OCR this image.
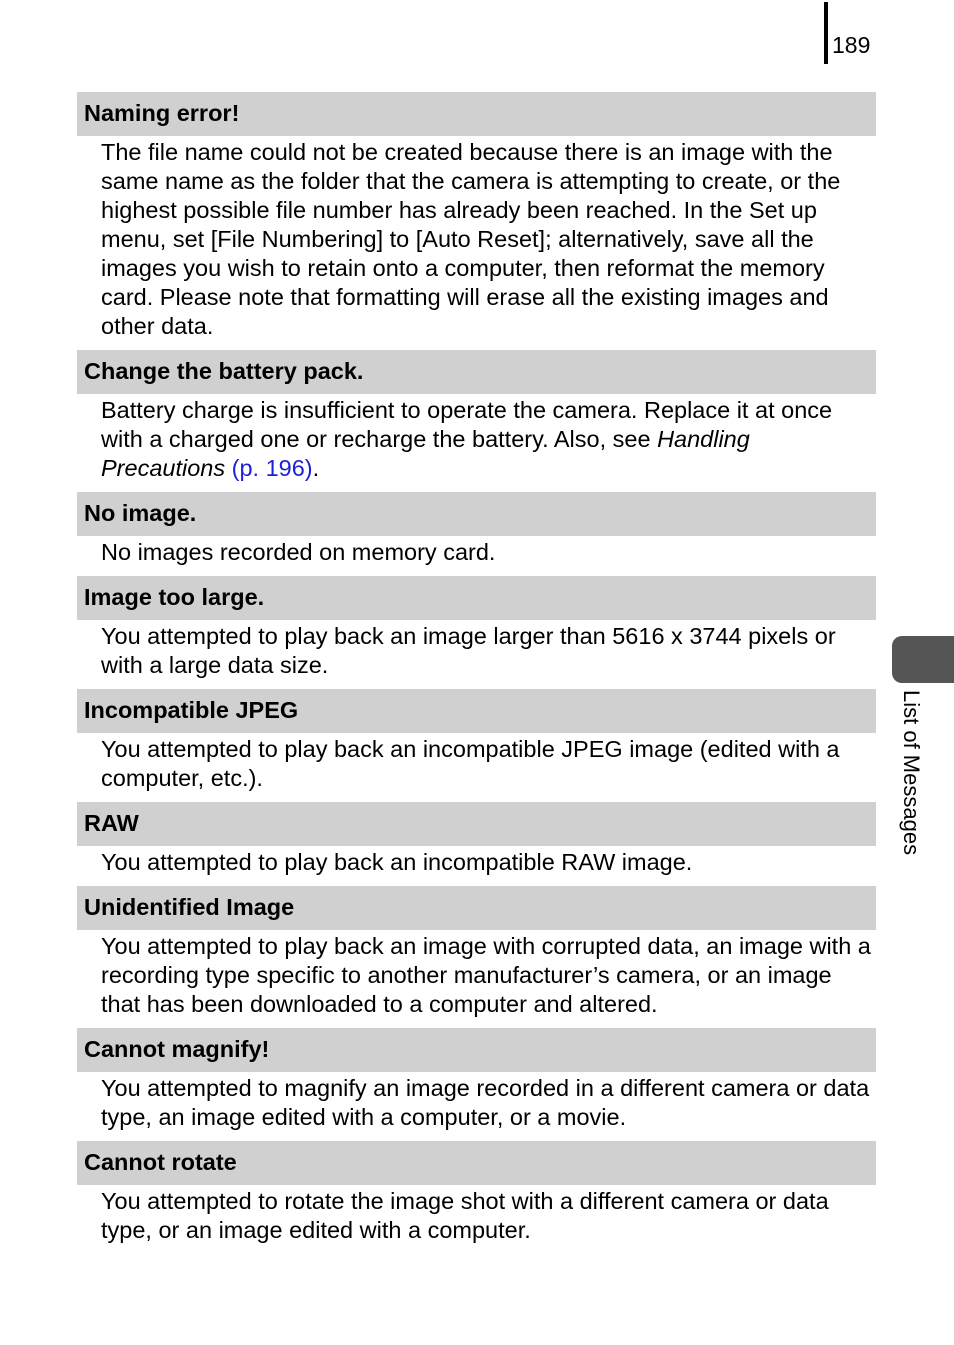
189
List of Messages
Naming error!
The file name could not be created because there is an image with the same name as the folder that the camera is attempting to create, or the highest possible file number has already been reached. In the Set up menu, set [File Numbering] to [Auto Reset]; alternatively, save all the images you wish to retain onto a computer, then reformat the memory card. Please note that formatting will erase all the existing images and other data.
Change the battery pack.
Battery charge is insufficient to operate the camera. Replace it at once with a charged one or recharge the battery. Also, see Handling Precautions (p. 196).
No image.
No images recorded on memory card.
Image too large.
You attempted to play back an image larger than 5616 x 3744 pixels or with a large data size.
Incompatible JPEG
You attempted to play back an incompatible JPEG image (edited with a computer, etc.).
RAW
You attempted to play back an incompatible RAW image.
Unidentified Image
You attempted to play back an image with corrupted data, an image with a recording type specific to another manufacturer’s camera, or an image that has been downloaded to a computer and altered.
Cannot magnify!
You attempted to magnify an image recorded in a different camera or data type, an image edited with a computer, or a movie.
Cannot rotate
You attempted to rotate the image shot with a different camera or data type, or an image edited with a computer.
